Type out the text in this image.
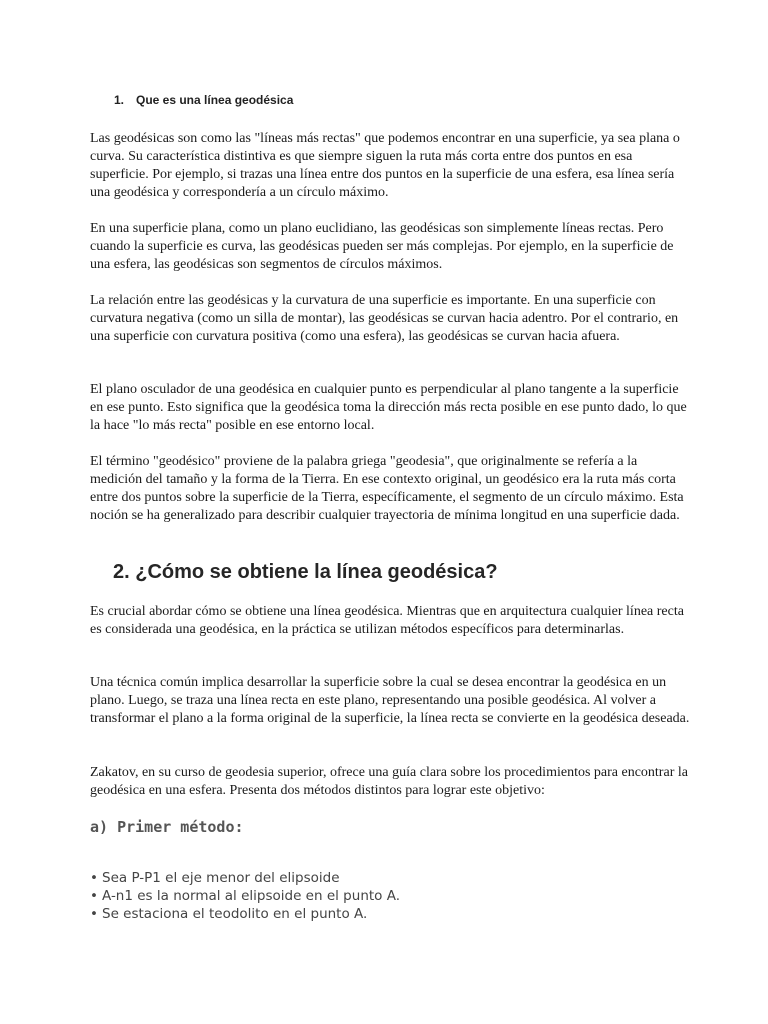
1. Que es una línea geodésica

Las geodésicas son como las "líneas más rectas" que podemos encontrar en una superficie, ya sea plana o curva. Su característica distintiva es que siempre siguen la ruta más corta entre dos puntos en esa superficie. Por ejemplo, si trazas una línea entre dos puntos en la superficie de una esfera, esa línea sería una geodésica y correspondería a un círculo máximo.

En una superficie plana, como un plano euclidiano, las geodésicas son simplemente líneas rectas. Pero cuando la superficie es curva, las geodésicas pueden ser más complejas. Por ejemplo, en la superficie de una esfera, las geodésicas son segmentos de círculos máximos.

La relación entre las geodésicas y la curvatura de una superficie es importante. En una superficie con curvatura negativa (como un silla de montar), las geodésicas se curvan hacia adentro. Por el contrario, en una superficie con curvatura positiva (como una esfera), las geodésicas se curvan hacia afuera.

El plano osculador de una geodésica en cualquier punto es perpendicular al plano tangente a la superficie en ese punto. Esto significa que la geodésica toma la dirección más recta posible en ese punto dado, lo que la hace "lo más recta" posible en ese entorno local.

El término "geodésico" proviene de la palabra griega "geodesia", que originalmente se refería a la medición del tamaño y la forma de la Tierra. En ese contexto original, un geodésico era la ruta más corta entre dos puntos sobre la superficie de la Tierra, específicamente, el segmento de un círculo máximo. Esta noción se ha generalizado para describir cualquier trayectoria de mínima longitud en una superficie dada.

2. ¿Cómo se obtiene la línea geodésica?

Es crucial abordar cómo se obtiene una línea geodésica. Mientras que en arquitectura cualquier línea recta es considerada una geodésica, en la práctica se utilizan métodos específicos para determinarlas.

Una técnica común implica desarrollar la superficie sobre la cual se desea encontrar la geodésica en un plano. Luego, se traza una línea recta en este plano, representando una posible geodésica. Al volver a transformar el plano a la forma original de la superficie, la línea recta se convierte en la geodésica deseada.

Zakatov, en su curso de geodesia superior, ofrece una guía clara sobre los procedimientos para encontrar la geodésica en una esfera. Presenta dos métodos distintos para lograr este objetivo:

a) Primer método:
• Sea P-P1 el eje menor del elipsoide
• A-n1 es la normal al elipsoide en el punto A.
• Se estaciona el teodolito en el punto A.
